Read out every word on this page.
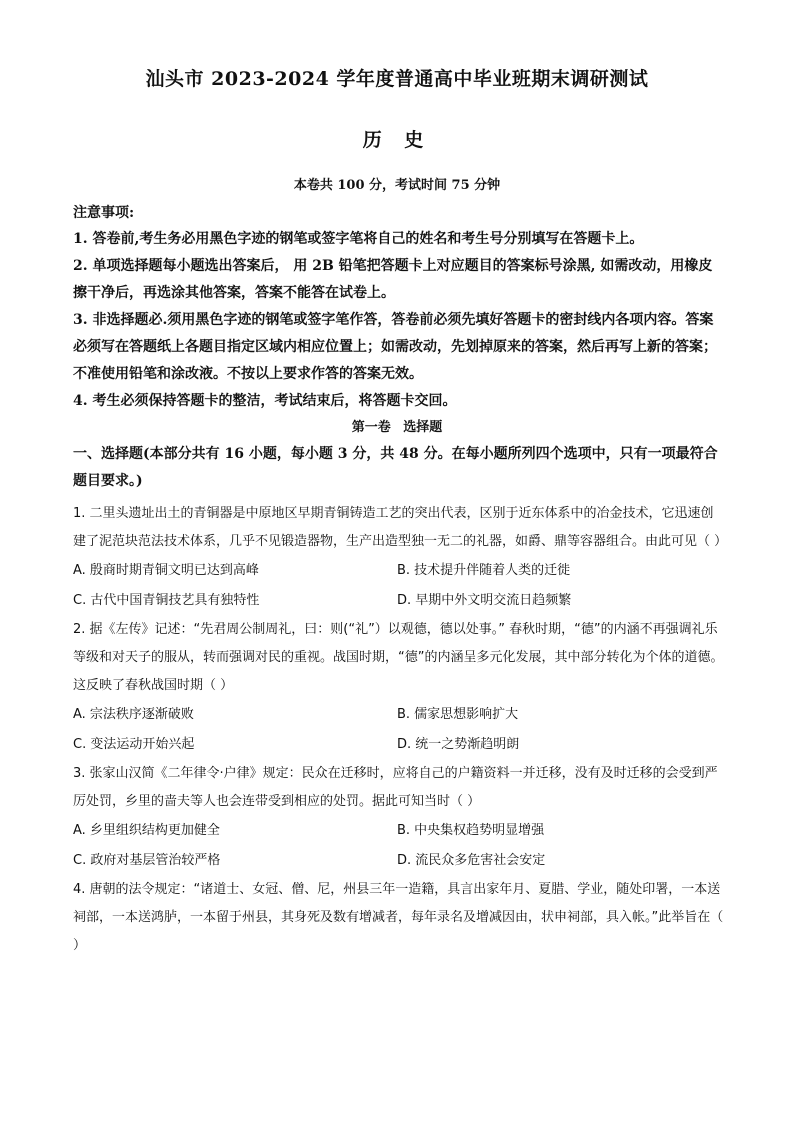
汕头市 2023-2024 学年度普通高中毕业班期末调研测试
历 史
本卷共 100 分，考试时间 75 分钟
注意事项:

1. 答卷前,考生务必用黑色字迹的钢笔或签字笔将自己的姓名和考生号分别填写在答题卡上。

2. 单项选择题每小题选出答案后， 用 2B 铅笔把答题卡上对应题目的答案标号涂黑, 如需改动，用橡皮擦干净后，再选涂其他答案，答案不能答在试卷上。

3. 非选择题必.须用黑色字迹的钢笔或签字笔作答，答卷前必须先填好答题卡的密封线内各项内容。答案必须写在答题纸上各题目指定区域内相应位置上；如需改动，先划掉原来的答案，然后再写上新的答案； 不准使用铅笔和涂改液。不按以上要求作答的答案无效。

4. 考生必须保持答题卡的整洁，考试结束后，将答题卡交回。

第一卷 选择题
一、选择题(本部分共有 16 小题，每小题 3 分，共 48 分。在每小题所列四个选项中，只有一项最符合题目要求。)

1. 二里头遗址出土的青铜器是中原地区早期青铜铸造工艺的突出代表，区别于近东体系中的冶金技术，它迅速创建了泥范块范法技术体系，几乎不见锻造器物，生产出造型独一无二的礼器，如爵、鼎等容器组合。由此可见（ ）

A. 殷商时期青铜文明已达到高峰	B. 技术提升伴随着人类的迁徙
C. 古代中国青铜技艺具有独特性	D. 早期中外文明交流日趋频繁

2. 据《左传》记述：“先君周公制周礼，曰：则(“礼”）以观德，德以处事。” 春秋时期，“德”的内涵不再强调礼乐等级和对天子的服从，转而强调对民的重视。战国时期，“德”的内涵呈多元化发展，其中部分转化为个体的道德。这反映了春秋战国时期（ ）

A. 宗法秩序逐渐破败	B. 儒家思想影响扩大
C. 变法运动开始兴起	D. 统一之势渐趋明朗

3. 张家山汉简《二年律令·户律》规定：民众在迁移时，应将自己的户籍资料一并迁移，没有及时迁移的会受到严厉处罚，乡里的啬夫等人也会连带受到相应的处罚。据此可知当时（ ）

A. 乡里组织结构更加健全	B. 中央集权趋势明显增强
C. 政府对基层管治较严格	D. 流民众多危害社会安定

4. 唐朝的法令规定：“诸道士、女冠、僧、尼，州县三年一造籍，具言出家年月、夏腊、学业，随处印署，一本送祠部，一本送鸿胪，一本留于州县，其身死及数有增减者，每年录名及增减因由，状申祠部，具入帐。”此举旨在（ ）
